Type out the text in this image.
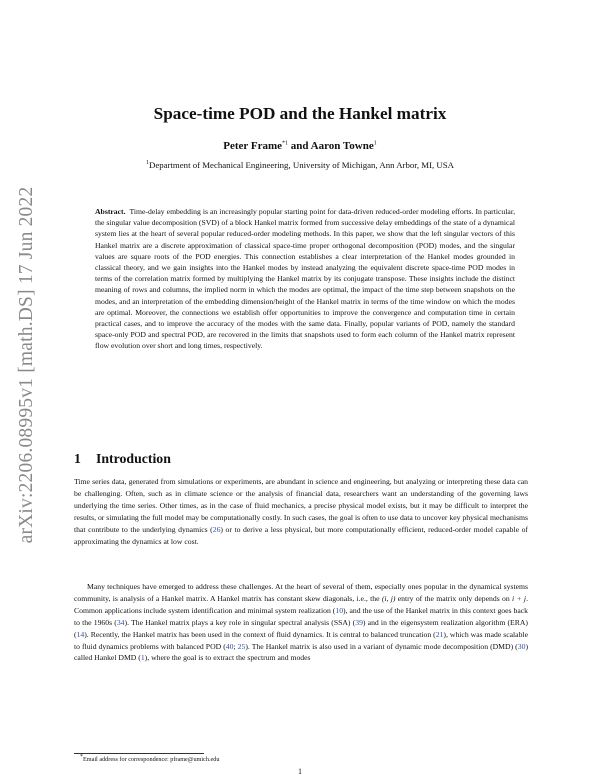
arXiv:2206.08995v1 [math.DS] 17 Jun 2022
Space-time POD and the Hankel matrix
Peter Frame$^{*1}$ and Aaron Towne$^1$
$^1$Department of Mechanical Engineering, University of Michigan, Ann Arbor, MI, USA
Abstract. Time-delay embedding is an increasingly popular starting point for data-driven reduced-order modeling efforts. In particular, the singular value decomposition (SVD) of a block Hankel matrix formed from successive delay embeddings of the state of a dynamical system lies at the heart of several popular reduced-order modeling methods. In this paper, we show that the left singular vectors of this Hankel matrix are a discrete approximation of classical space-time proper orthogonal decomposition (POD) modes, and the singular values are square roots of the POD energies. This connection establishes a clear interpretation of the Hankel modes grounded in classical theory, and we gain insights into the Hankel modes by instead analyzing the equivalent discrete space-time POD modes in terms of the correlation matrix formed by multiplying the Hankel matrix by its conjugate transpose. These insights include the distinct meaning of rows and columns, the implied norm in which the modes are optimal, the impact of the time step between snapshots on the modes, and an interpretation of the embedding dimension/height of the Hankel matrix in terms of the time window on which the modes are optimal. Moreover, the connections we establish offer opportunities to improve the convergence and computation time in certain practical cases, and to improve the accuracy of the modes with the same data. Finally, popular variants of POD, namely the standard space-only POD and spectral POD, are recovered in the limits that snapshots used to form each column of the Hankel matrix represent flow evolution over short and long times, respectively.
1 Introduction
Time series data, generated from simulations or experiments, are abundant in science and engineering, but analyzing or interpreting these data can be challenging. Often, such as in climate science or the analysis of financial data, researchers want an understanding of the governing laws underlying the time series. Other times, as in the case of fluid mechanics, a precise physical model exists, but it may be difficult to interpret the results, or simulating the full model may be computationally costly. In such cases, the goal is often to use data to uncover key physical mechanisms that contribute to the underlying dynamics (26) or to derive a less physical, but more computationally efficient, reduced-order model capable of approximating the dynamics at low cost.
Many techniques have emerged to address these challenges. At the heart of several of them, especially ones popular in the dynamical systems community, is analysis of a Hankel matrix. A Hankel matrix has constant skew diagonals, i.e., the (i, j) entry of the matrix only depends on i + j. Common applications include system identification and minimal system realization (10), and the use of the Hankel matrix in this context goes back to the 1960s (34). The Hankel matrix plays a key role in singular spectral analysis (SSA) (39) and in the eigensystem realization algorithm (ERA) (14). Recently, the Hankel matrix has been used in the context of fluid dynamics. It is central to balanced truncation (21), which was made scalable to fluid dynamics problems with balanced POD (40; 25). The Hankel matrix is also used in a variant of dynamic mode decomposition (DMD) (30) called Hankel DMD (1), where the goal is to extract the spectrum and modes
*Email address for correspondence: pframe@umich.edu
1
